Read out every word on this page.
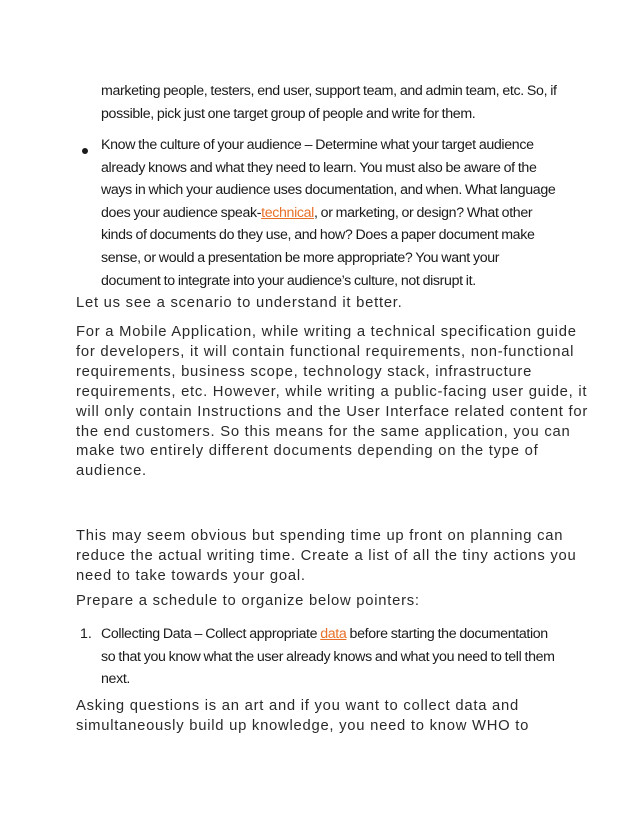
marketing people, testers, end user, support team, and admin team, etc. So, if
possible, pick just one target group of people and write for them.
Know the culture of your audience – Determine what your target audience
already knows and what they need to learn. You must also be aware of the
ways in which your audience uses documentation, and when. What language
does your audience speak-technical, or marketing, or design? What other
kinds of documents do they use, and how? Does a paper document make
sense, or would a presentation be more appropriate? You want your
document to integrate into your audience’s culture, not disrupt it.
Let us see a scenario to understand it better.
For a Mobile Application, while writing a technical specification guide
for developers, it will contain functional requirements, non-functional
requirements, business scope, technology stack, infrastructure
requirements, etc. However, while writing a public-facing user guide, it
will only contain Instructions and the User Interface related content for
the end customers. So this means for the same application, you can
make two entirely different documents depending on the type of
audience.
This may seem obvious but spending time up front on planning can
reduce the actual writing time. Create a list of all the tiny actions you
need to take towards your goal.
Prepare a schedule to organize below pointers:
1. Collecting Data – Collect appropriate data before starting the documentation
so that you know what the user already knows and what you need to tell them
next.
Asking questions is an art and if you want to collect data and
simultaneously build up knowledge, you need to know WHO to
